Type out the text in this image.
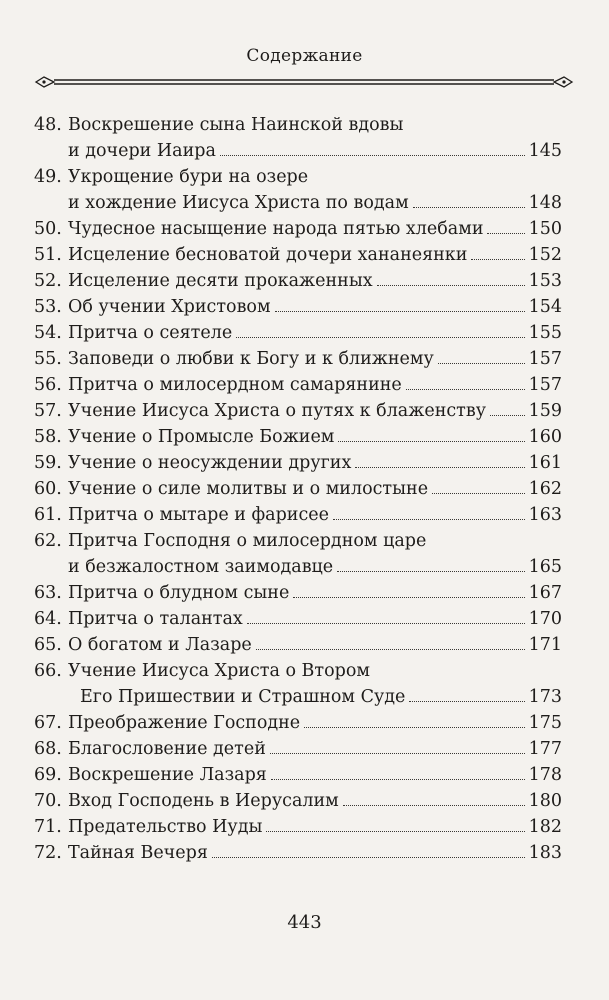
Содержание
48. Воскрешение сына Наинской вдовы
и дочери Иаира	145
49. Укрощение бури на озере
и хождение Иисуса Христа по водам	148
50. Чудесное насыщение народа пятью хлебами	150
51. Исцеление бесноватой дочери хананеянки	152
52. Исцеление десяти прокаженных	153
53. Об учении Христовом	154
54. Притча о сеятеле	155
55. Заповеди о любви к Богу и к ближнему	157
56. Притча о милосердном самарянине	157
57. Учение Иисуса Христа о путях к блаженству 159
58. Учение о Промысле Божием	160
59. Учение о неосуждении других	161
60. Учение о силе молитвы и о милостыне	162
61. Притча о мытаре и фарисее	163
62. Притча Господня о милосердном царе
и безжалостном заимодавце	165
63. Притча о блудном сыне	167
64. Притча о талантах	170
65. О богатом и Лазаре	171
66. Учение Иисуса Христа о Втором
Его Пришествии и Страшном Суде	173
67. Преображение Господне	175
68. Благословение детей	177
69. Воскрешение Лазаря	178
70. Вход Господень в Иерусалим	180
71. Предательство Иуды	182
72. Тайная Вечеря	183
443
